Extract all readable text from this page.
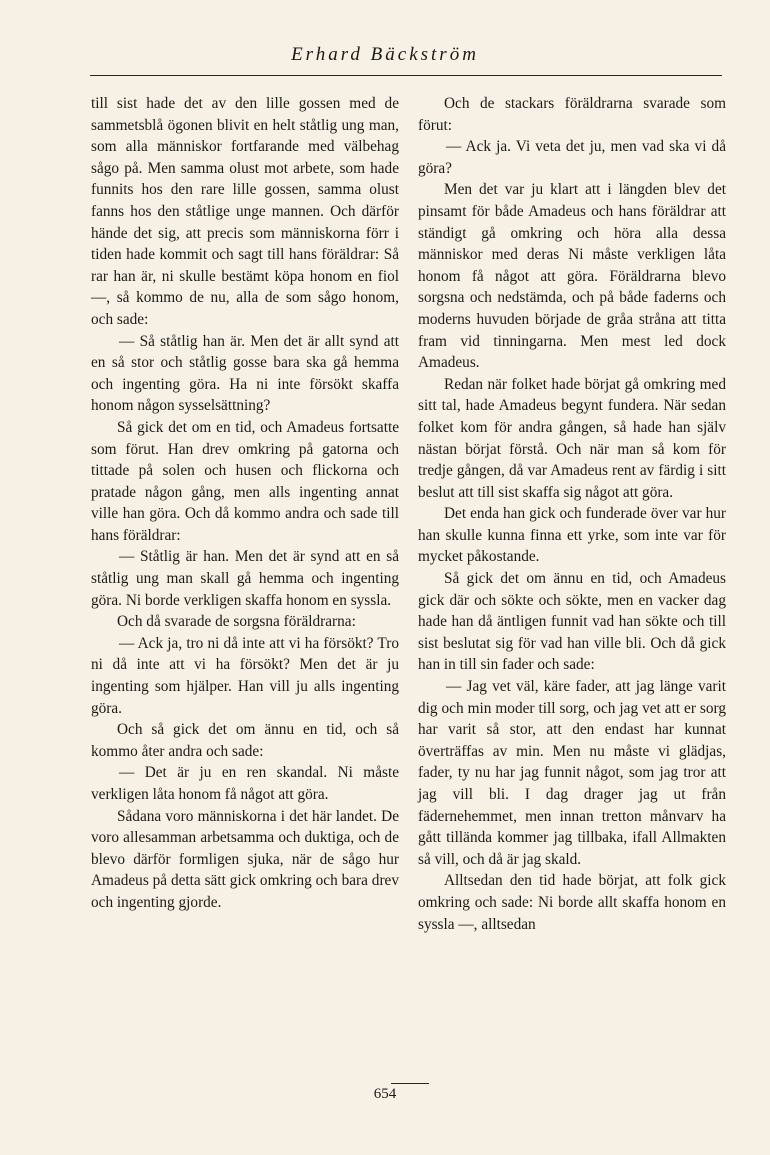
Erhard Bäckström

till sist hade det av den lille gossen med de sammetsblå ögonen blivit en helt ståtlig ung man, som alla människor fortfarande med välbehag sågo på. Men samma olust mot arbete, som hade funnits hos den rare lille gossen, samma olust fanns hos den ståtlige unge mannen. Och därför hände det sig, att precis som människorna förr i tiden hade kommit och sagt till hans föräldrar: Så rar han är, ni skulle bestämt köpa honom en fiol —, så kommo de nu, alla de som sågo honom, och sade:

— Så ståtlig han är. Men det är allt synd att en så stor och ståtlig gosse bara ska gå hemma och ingenting göra. Ha ni inte försökt skaffa honom någon sysselsättning?

Så gick det om en tid, och Amadeus fortsatte som förut. Han drev omkring på gatorna och tittade på solen och husen och flickorna och pratade någon gång, men alls ingenting annat ville han göra. Och då kommo andra och sade till hans föräldrar:

— Ståtlig är han. Men det är synd att en så ståtlig ung man skall gå hemma och ingenting göra. Ni borde verkligen skaffa honom en syssla.

Och då svarade de sorgsna föräldrarna:

— Ack ja, tro ni då inte att vi ha försökt? Tro ni då inte att vi ha försökt? Men det är ju ingenting som hjälper. Han vill ju alls ingenting göra.

Och så gick det om ännu en tid, och så kommo åter andra och sade:

— Det är ju en ren skandal. Ni måste verkligen låta honom få något att göra.

Sådana voro människorna i det här landet. De voro allesamman arbetsamma och duktiga, och de blevo därför formligen sjuka, när de sågo hur Amadeus på detta sätt gick omkring och bara drev och ingenting gjorde.

Och de stackars föräldrarna svarade som förut:

— Ack ja. Vi veta det ju, men vad ska vi då göra?

Men det var ju klart att i längden blev det pinsamt för både Amadeus och hans föräldrar att ständigt gå omkring och höra alla dessa människor med deras Ni måste verkligen låta honom få något att göra. Föräldrarna blevo sorgsna och nedstämda, och på både faderns och moderns huvuden började de gråa stråna att titta fram vid tinningarna. Men mest led dock Amadeus.

Redan när folket hade börjat gå omkring med sitt tal, hade Amadeus begynt fundera. När sedan folket kom för andra gången, så hade han själv nästan börjat förstå. Och när man så kom för tredje gången, då var Amadeus rent av färdig i sitt beslut att till sist skaffa sig något att göra.

Det enda han gick och funderade över var hur han skulle kunna finna ett yrke, som inte var för mycket påkostande.

Så gick det om ännu en tid, och Amadeus gick där och sökte och sökte, men en vacker dag hade han då äntligen funnit vad han sökte och till sist beslutat sig för vad han ville bli. Och då gick han in till sin fader och sade:

— Jag vet väl, käre fader, att jag länge varit dig och min moder till sorg, och jag vet att er sorg har varit så stor, att den endast har kunnat överträffas av min. Men nu måste vi glädjas, fader, ty nu har jag funnit något, som jag tror att jag vill bli. I dag drager jag ut från fädernehemmet, men innan tretton månvarv ha gått tilländа kommer jag tillbaka, ifall Allmakten så vill, och då är jag skald.

Alltsedan den tid hade börjat, att folk gick omkring och sade: Ni borde allt skaffa honom en syssla —, alltsedan

654
